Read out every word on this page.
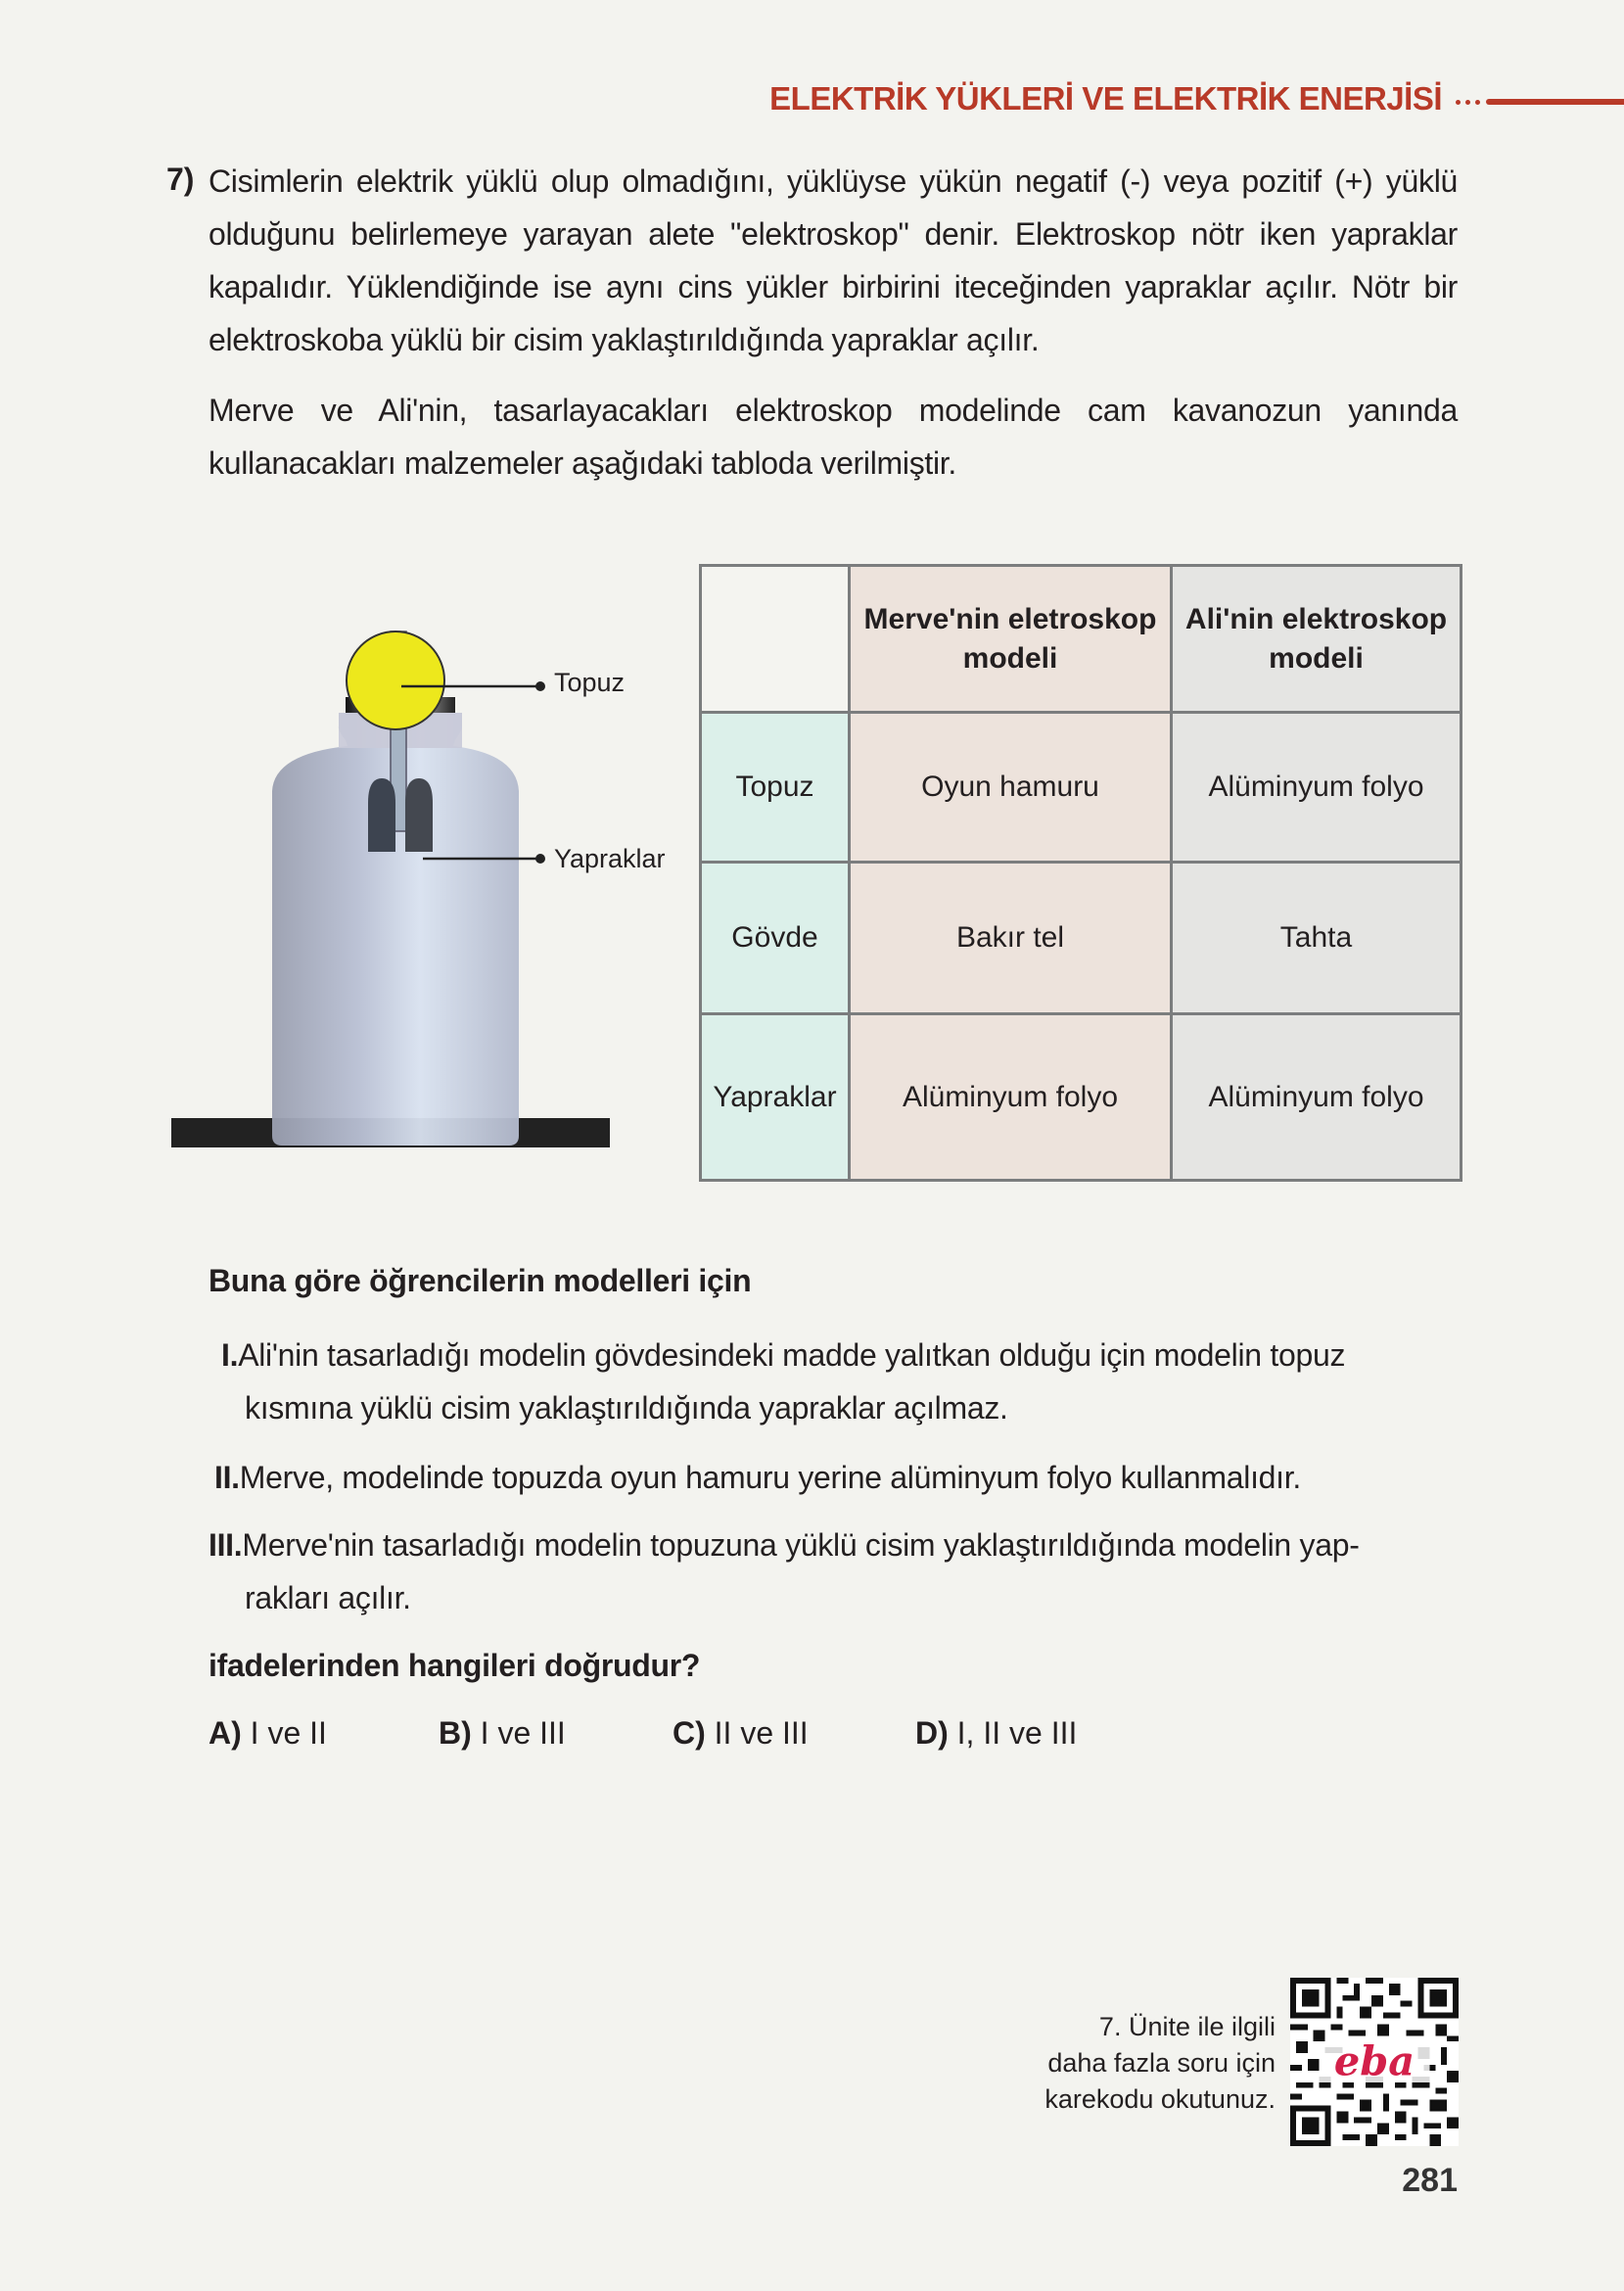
ELEKTRİK YÜKLERİ VE ELEKTRİK ENERJİSİ
7) Cisimlerin elektrik yüklü olup olmadığını, yüklüyse yükün negatif (-) veya pozitif (+) yüklü olduğunu belirlemeye yarayan alete "elektroskop" denir. Elektroskop nötr iken yapraklar kapalıdır. Yüklendiğinde ise aynı cins yükler birbirini iteceğinden yapraklar açılır. Nötr bir elektroskoba yüklü bir cisim yaklaştırıldığında yapraklar açılır.

Merve ve Ali'nin, tasarlayacakları elektroskop modelinde cam kavanozun yanında kullanacakları malzemeler aşağıdaki tabloda verilmiştir.

Topuz
Yapraklar
	Merve'nin eletroskop modeli	Ali'nin elektroskop modeli
Topuz	Oyun hamuru	Alüminyum folyo
Gövde	Bakır tel	Tahta
Yapraklar	Alüminyum folyo	Alüminyum folyo
Buna göre öğrencilerin modelleri için
I.Ali'nin tasarladığı modelin gövdesindeki madde yalıtkan olduğu için modelin topuz
kısmına yüklü cisim yaklaştırıldığında yapraklar açılmaz.
II.Merve, modelinde topuzda oyun hamuru yerine alüminyum folyo kullanmalıdır.
III.Merve'nin tasarladığı modelin topuzuna yüklü cisim yaklaştırıldığında modelin yap-
rakları açılır.
ifadelerinden hangileri doğrudur?
A) I ve II	B) I ve III	C) II ve III	D) I, II ve III
7. Ünite ile ilgili
daha fazla soru için
karekodu okutunuz.
eba
281
